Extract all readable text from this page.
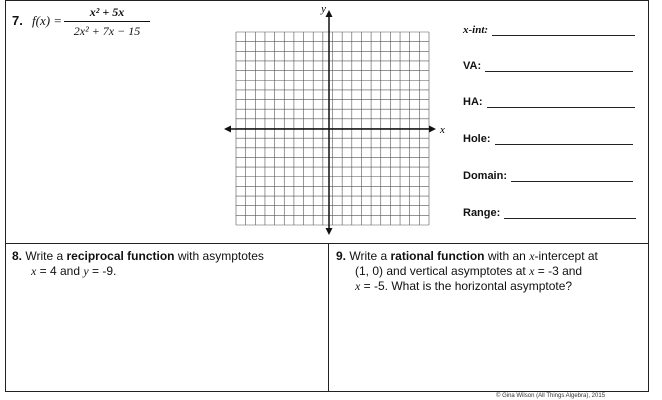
7. f(x) =
x² + 5x
2x² + 7x − 15
y
x
x-int:
VA:
HA:
Hole:
Domain:
Range:
8. Write a reciprocal function with asymptotes
x = 4 and y = -9.
9. Write a rational function with an x-intercept at
(1, 0) and vertical asymptotes at x = -3 and
x = -5. What is the horizontal asymptote?
© Gina Wilson (All Things Algebra), 2015
